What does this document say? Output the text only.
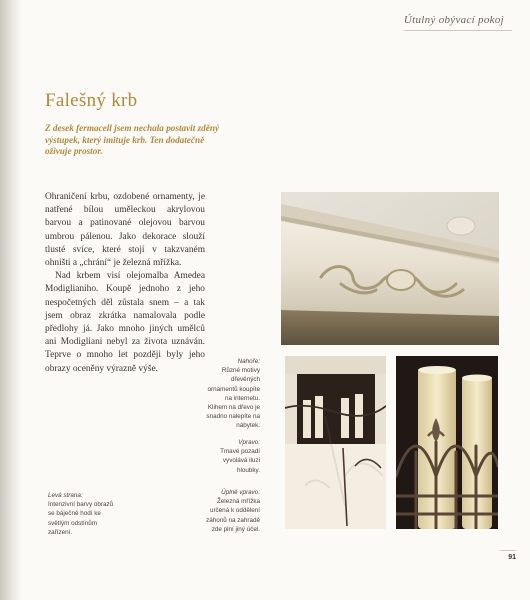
Útulný obývací pokoj
Falešný krb
Z desek fermacell jsem nechala postavit zděný výstupek, který imituje krb. Ten dodatečně oživuje prostor.

Ohraničení krbu, ozdobené ornamenty, je natřené bílou uměleckou akrylovou barvou a patinované olejovou barvou umbrou pálenou. Jako dekorace slouží tlusté svíce, které stojí v takzvaném ohništi a „chrání“ je železná mřížka.

Nad krbem visí olejomalba Amedea Modiglianiho. Koupě jednoho z jeho nespočetných děl zůstala snem – a tak jsem obraz zkrátka namalovala podle předlohy já. Jako mnoho jiných umělců ani Modigliani nebyl za života uznáván. Teprve o mnoho let později byly jeho obrazy oceněny výrazně výše.

Nahoře:
Různé motivy dřevěných ornamentů koupíte na internetu. Klihem na dřevo je snadno nalepíte na nábytek.
Vpravo:
Tmavé pozadí vyvolává iluzi hloubky.
Úplně vpravo:
Železná mřížka určená k oddělení záhonů na zahradě zde plní jiný účel.
Levá strana:
Intenzivní barvy obrazů se báječně hodí ke světlým odstínům zařízení.
91
